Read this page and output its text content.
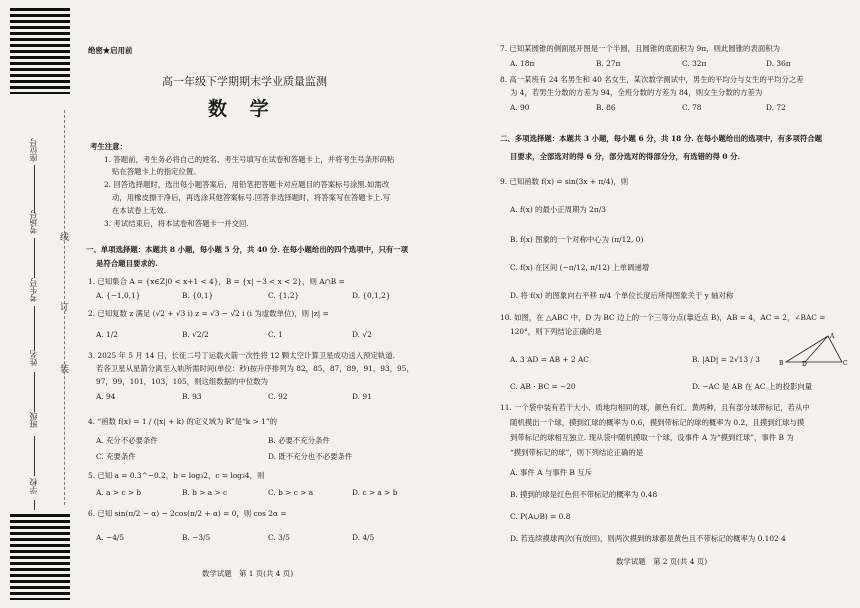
座位号
考场号
考生号
姓名
班级
学校
线
订
装
绝密★启用前
高一年级下学期期末学业质量监测
数 学
考生注意：
1. 答题前，考生务必将自己的姓名、考生号填写在试卷和答题卡上，并将考生号条形码粘
贴在答题卡上的指定位置。
2. 回答选择题时，选出每小题答案后，用铅笔把答题卡对应题目的答案标号涂黑.如需改
动，用橡皮擦干净后，再选涂其他答案标号.回答非选择题时，将答案写在答题卡上.写
在本试卷上无效.
3. 考试结束后，将本试卷和答题卡一并交回.
一、单项选择题：本题共 8 小题，每小题 5 分，共 40 分. 在每小题给出的四个选项中，只有一项
是符合题目要求的.
1. 已知集合 A = {x∈Z|0 < x+1 < 4}，B = {x| −3 < x < 2}，则 A∩B =
A. {−1,0,1}	B. {0,1}	C. {1,2}	D. {0,1,2}
2. 已知复数 z 满足 (√2 + √3 i) z = √3 − √2 i (i 为虚数单位)，则 |z| =
A. 1/2	B. √2/2	C. 1	D. √2
3. 2025 年 5 月 14 日，长征二号丁运载火箭一次性将 12 颗太空计算卫星成功送入预定轨道.
若各卫星从星箭分离至入轨所需时间(单位：秒)按升序排列为 82，85，87，89，91，93，95，
97，99，101，103，105，则这组数据的中位数为
A. 94	B. 93	C. 92	D. 91
4. “函数 f(x) = 1 / (|x| + k) 的定义域为 R”是“k > 1”的
A. 充分不必要条件	B. 必要不充分条件
C. 充要条件	D. 既不充分也不必要条件
5. 已知 a = 0.3^−0.2，b = log₃2，c = log₃4，则
A. a > c > b	B. b > a > c	C. b > c > a	D. c > a > b
6. 已知 sin(π/2 − α) − 2cos(π/2 + α) = 0，则 cos 2α =
A. −4/5	B. −3/5	C. 3/5	D. 4/5
数学试题　第 1 页(共 4 页)
7. 已知某圆锥的侧面展开图是一个半圆，且圆锥的底面积为 9π，则此圆锥的表面积为
A. 18π	B. 27π	C. 32π	D. 36π
8. 高一某班有 24 名男生和 40 名女生，某次数学测试中，男生的平均分与女生的平均分之差
为 4，若男生分数的方差为 94，全班分数的方差为 84，则女生分数的方差为
A. 90	B. 86	C. 78	D. 72
二、多项选择题：本题共 3 小题，每小题 6 分，共 18 分. 在每小题给出的选项中，有多项符合题
目要求，全部选对的得 6 分，部分选对的得部分分，有选错的得 0 分.
9. 已知函数 f(x) = sin(3x + π/4)，则
A. f(x) 的最小正周期为 2π/3
B. f(x) 图象的一个对称中心为 (π/12, 0)
C. f(x) 在区间 (−π/12, π/12) 上单调递增
D. 将 f(x) 的图象向右平移 π/4 个单位长度后所得图象关于 y 轴对称
10. 如图，在 △ABC 中，D 为 BC 边上的一个三等分点(靠近点 B)，AB = 4，AC = 2，∠BAC =
120°，则下列结论正确的是
A. 3 AD = AB + 2 AC	B. |AD| = 2√13 / 3
C. AB · BC = −20	D. −AC 是 AB 在 AC 上的投影向量
A
B	D	C
11. 一个袋中装有若干大小、质地均相同的球，颜色有红、黄两种，且有部分球带标记，若从中
随机摸出一个球，摸到红球的概率为 0.6，摸到带标记的球的概率为 0.2，且摸到红球与摸
到带标记的球相互独立. 现从袋中随机摸取一个球，设事件 A 为“摸到红球”，事件 B 为
“摸到带标记的球”，则下列结论正确的是
A. 事件 A 与事件 B 互斥
B. 摸到的球是红色但不带标记的概率为 0.48
C. P(A∪B) = 0.8
D. 若连续摸球两次(有放回)，则两次摸到的球都是黄色且不带标记的概率为 0.102 4
数学试题　第 2 页(共 4 页)
